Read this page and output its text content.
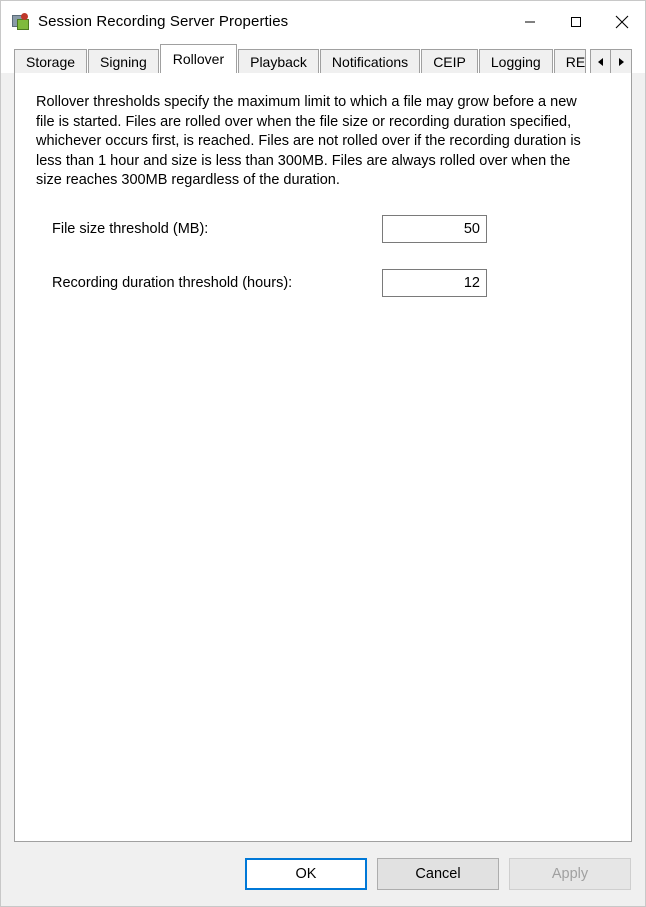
Session Recording Server Properties
Storage	Signing	Rollover	Playback	Notifications	CEIP	Logging	RE
Rollover thresholds specify the maximum limit to which a file may grow before a new file is started. Files are rolled over when the file size or recording duration specified, whichever occurs first, is reached. Files are not rolled over if the recording duration is less than 1 hour and size is less than 300MB. Files are always rolled over when the size reaches 300MB regardless of the duration.
File size threshold (MB):
50
Recording duration threshold (hours):
12
OK	Cancel	Apply
